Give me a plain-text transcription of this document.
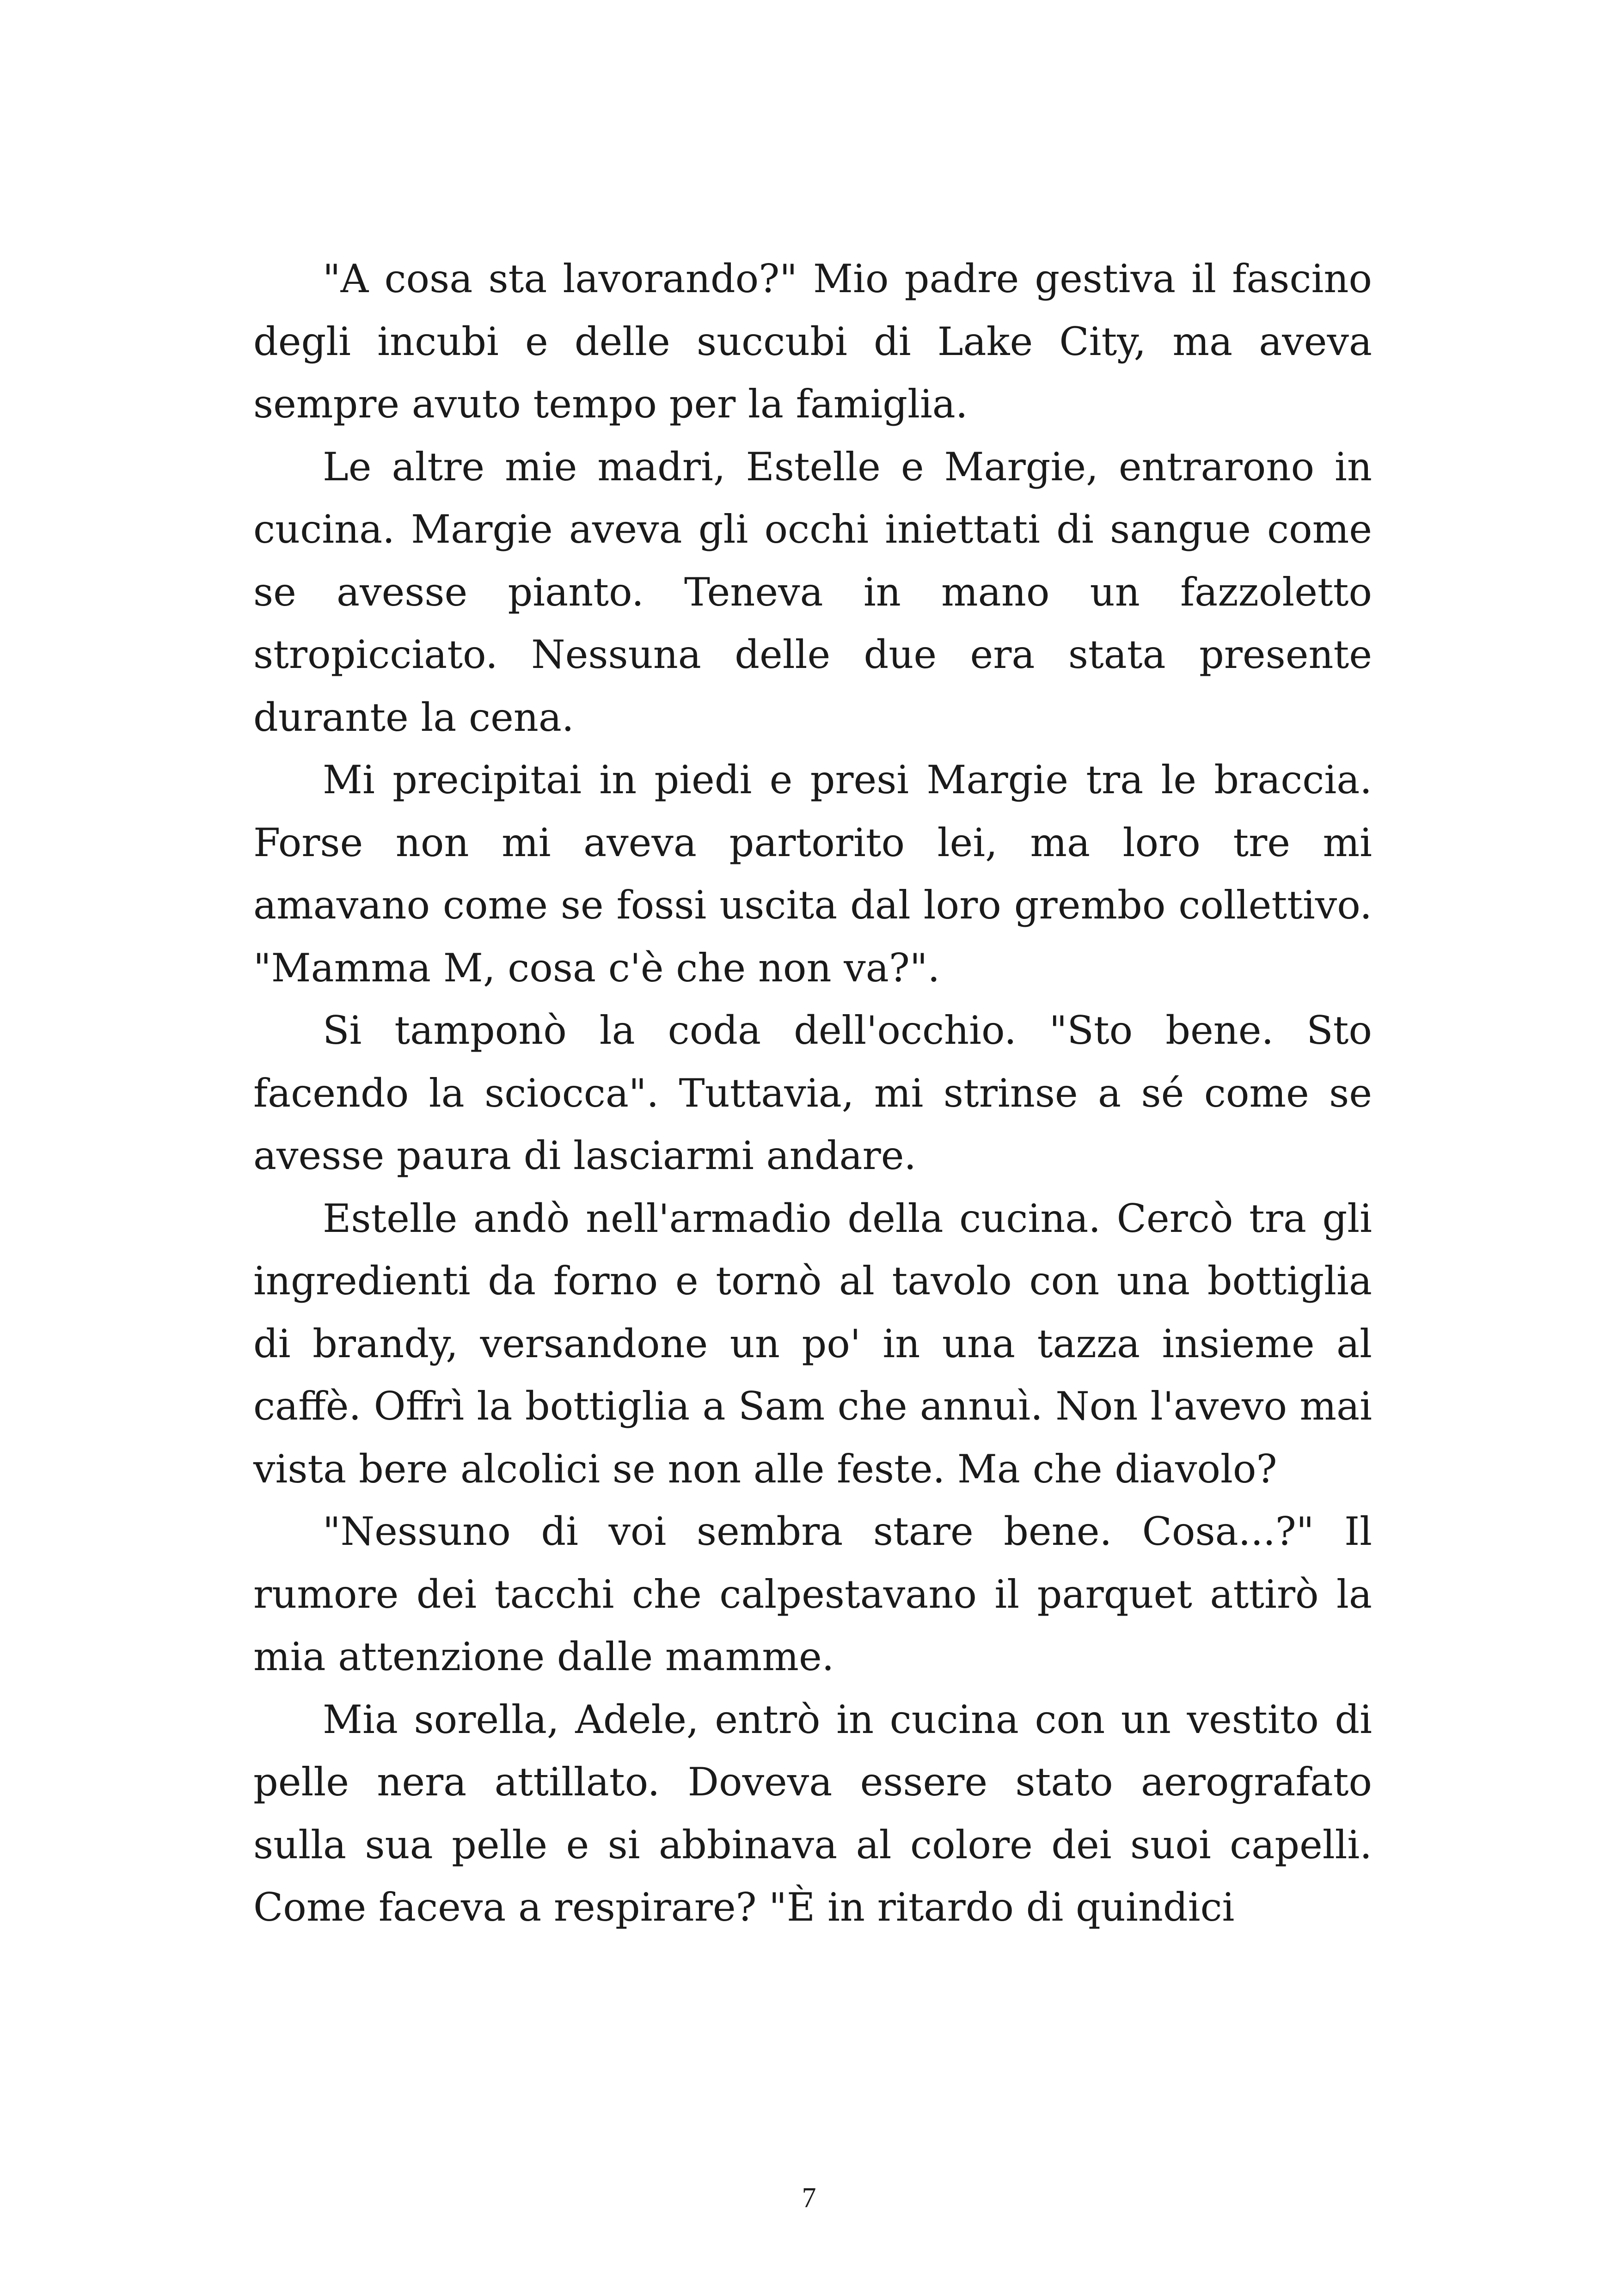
"A cosa sta lavorando?" Mio padre gestiva il fascino degli incubi e delle succubi di Lake City, ma aveva sempre avuto tempo per la famiglia.

Le altre mie madri, Estelle e Margie, entrarono in cucina. Margie aveva gli occhi iniettati di sangue come se avesse pianto. Teneva in mano un fazzoletto stropicciato. Nessuna delle due era stata presente durante la cena.

Mi precipitai in piedi e presi Margie tra le braccia. Forse non mi aveva partorito lei, ma loro tre mi amavano come se fossi uscita dal loro grembo collettivo. "Mamma M, cosa c'è che non va?".

Si tamponò la coda dell'occhio. "Sto bene. Sto facendo la sciocca". Tuttavia, mi strinse a sé come se avesse paura di lasciarmi andare.

Estelle andò nell'armadio della cucina. Cercò tra gli ingredienti da forno e tornò al tavolo con una bottiglia di brandy, versandone un po' in una tazza insieme al caffè. Offrì la bottiglia a Sam che annuì. Non l'avevo mai vista bere alcolici se non alle feste. Ma che diavolo?

"Nessuno di voi sembra stare bene. Cosa...?" Il rumore dei tacchi che calpestavano il parquet attirò la mia attenzione dalle mamme.

Mia sorella, Adele, entrò in cucina con un vestito di pelle nera attillato. Doveva essere stato aerografato sulla sua pelle e si abbinava al colore dei suoi capelli. Come faceva a respirare? "È in ritardo di quindici

7
